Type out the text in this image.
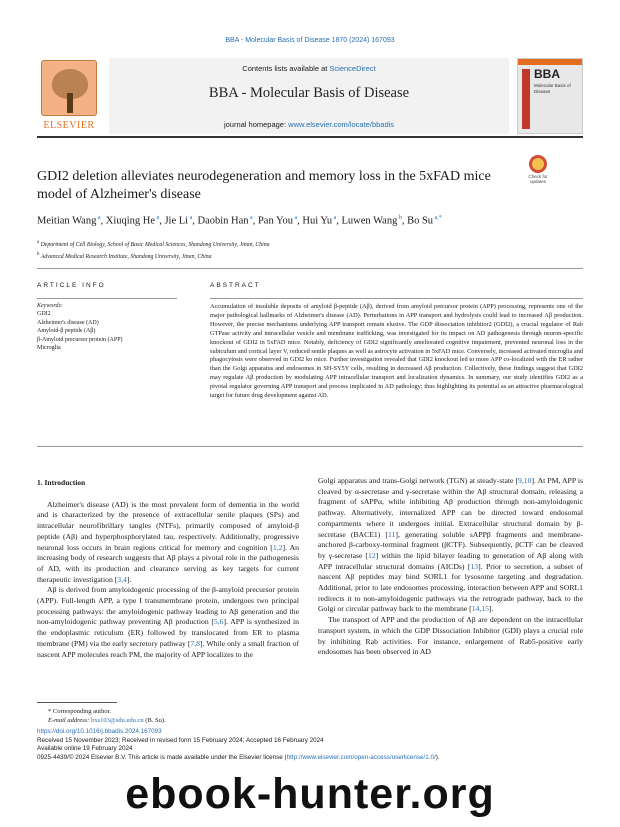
BBA - Molecular Basis of Disease 1870 (2024) 167093
ELSEVIER
Contents lists available at ScienceDirect
BBA - Molecular Basis of Disease
journal homepage: www.elsevier.com/locate/bbadis
BBA
Molecular Basis of Disease
GDI2 deletion alleviates neurodegeneration and memory loss in the 5xFAD mice model of Alzheimer's disease
Check for updates
Meitian Wang $^a$, Xiuqing He $^a$, Jie Li $^a$, Daobin Han $^a$, Pan You $^a$, Hui Yu $^a$, Luwen Wang $^b$, Bo Su $^{a,*}$
$^a$ Department of Cell Biology, School of Basic Medical Sciences, Shandong University, Jinan, China
$^b$ Advanced Medical Research Institute, Shandong University, Jinan, China
ARTICLE INFO	ABSTRACT
Keywords:
GDI2
Alzheimer's disease (AD)
Amyloid-β peptide (Aβ)
β-Amyloid precursor protein (APP)
Microglia
Accumulation of insoluble deposits of amyloid β-peptide (Aβ), derived from amyloid precursor protein (APP) processing, represents one of the major pathological hallmarks of Alzheimer's disease (AD). Perturbations in APP transport and hydrolysis could lead to increased Aβ production. However, the precise mechanisms underlying APP transport remain elusive. The GDP dissociation inhibitor2 (GDI2), a crucial regulator of Rab GTPase activity and intracellular vesicle and membrane trafficking, was investigated for its impact on AD pathogenesis through neuron-specific knockout of GDI2 in 5xFAD mice. Notably, deficiency of GDI2 significantly ameliorated cognitive impairment, prevented neuronal loss in the subiculum and cortical layer V, reduced senile plaques as well as astrocyte activation in 5xFAD mice. Conversely, increased activated microglia and phagocytosis were observed in GDI2 ko mice. Further investigation revealed that GDI2 knockout led to more APP co-localized with the ER rather than the Golgi apparatus and endosomes in SH-SY5Y cells, resulting in decreased Aβ production. Collectively, these findings suggest that GDI2 may regulate Aβ production by modulating APP intracellular transport and localization dynamics. In summary, our study identifies GDI2 as a pivotal regulator governing APP transport and process implicated in AD pathology; thus highlighting its potential as an attractive pharmacological target for future drug development against AD.
1. Introduction

Alzheimer's disease (AD) is the most prevalent form of dementia in the world and is characterized by the presence of extracellular senile plaques (SPs) and intracellular neurofibrillary tangles (NTFs), primarily composed of amyloid-β peptide (Aβ) and hyperphosphorylated tau, respectively. Additionally, progressive neuronal loss occurs in brain regions critical for memory and cognition [1,2]. An increasing body of research suggests that Aβ plays a pivotal role in the pathogenesis of AD, with its production and clearance serving as key targets for current therapeutic investigation [3,4].

Aβ is derived from amyloidogenic processing of the β-amyloid precursor protein (APP). Full-length APP, a type I transmembrane protein, undergoes two principal processing pathways: the amyloidogenic pathway leading to Aβ generation and the non-amyloidogenic pathway preventing Aβ production [5,6]. APP is synthesized in the endoplasmic reticulum (ER) followed by translocated from ER to plasma membrane (PM) via the early secretory pathway [7,8]. While only a small fraction of nascent APP molecules reach PM, the majority of APP localizes to the

Golgi apparatus and trans-Golgi network (TGN) at steady-state [9,10]. At PM, APP is cleaved by α-secretase and γ-secretase within the Aβ structural domain, releasing a fragment of sAPPα, while inhibiting Aβ production through non-amyloidogenic pathway. Alternatively, internalized APP can be directed toward endosomal compartments where it undergoes initial. Extracellular structural domain by β-secretase (BACE1) [11], generating soluble sAPPβ fragments and membrane-anchored β-carboxy-terminal fragment (βCTF). Subsequently, βCTF can be cleaved by γ-secretase [12] within the lipid bilayer leading to generation of Aβ along with APP intracellular structural domains (AICDs) [13]. Prior to secretion, a subset of nascent Aβ peptides may bind SORL1 for lysosome targeting and degradation. Additional, prior to late endosomes processing, interaction between APP and SORL1 redirects it to non-amyloidogenic pathways via the retrograde pathway, back to the Golgi or circular pathway back to the membrane [14,15].

The transport of APP and the production of Aβ are dependent on the intracellular transport system, in which the GDP Dissociation Inhibitor (GDI) plays a crucial role by inhibiting Rab activities. For instance, enlargement of Rab5-positive early endosomes has been observed in AD

* Corresponding author.
E-mail address: bxs103@sdu.edu.cn (B. Su).
https://doi.org/10.1016/j.bbadis.2024.167093
Received 15 November 2023; Received in revised form 15 February 2024; Accepted 16 February 2024
Available online 19 February 2024
0925-4439/© 2024 Elsevier B.V. This article is made available under the Elsevier license (http://www.elsevier.com/open-access/userlicense/1.0/).
ebook-hunter.org
